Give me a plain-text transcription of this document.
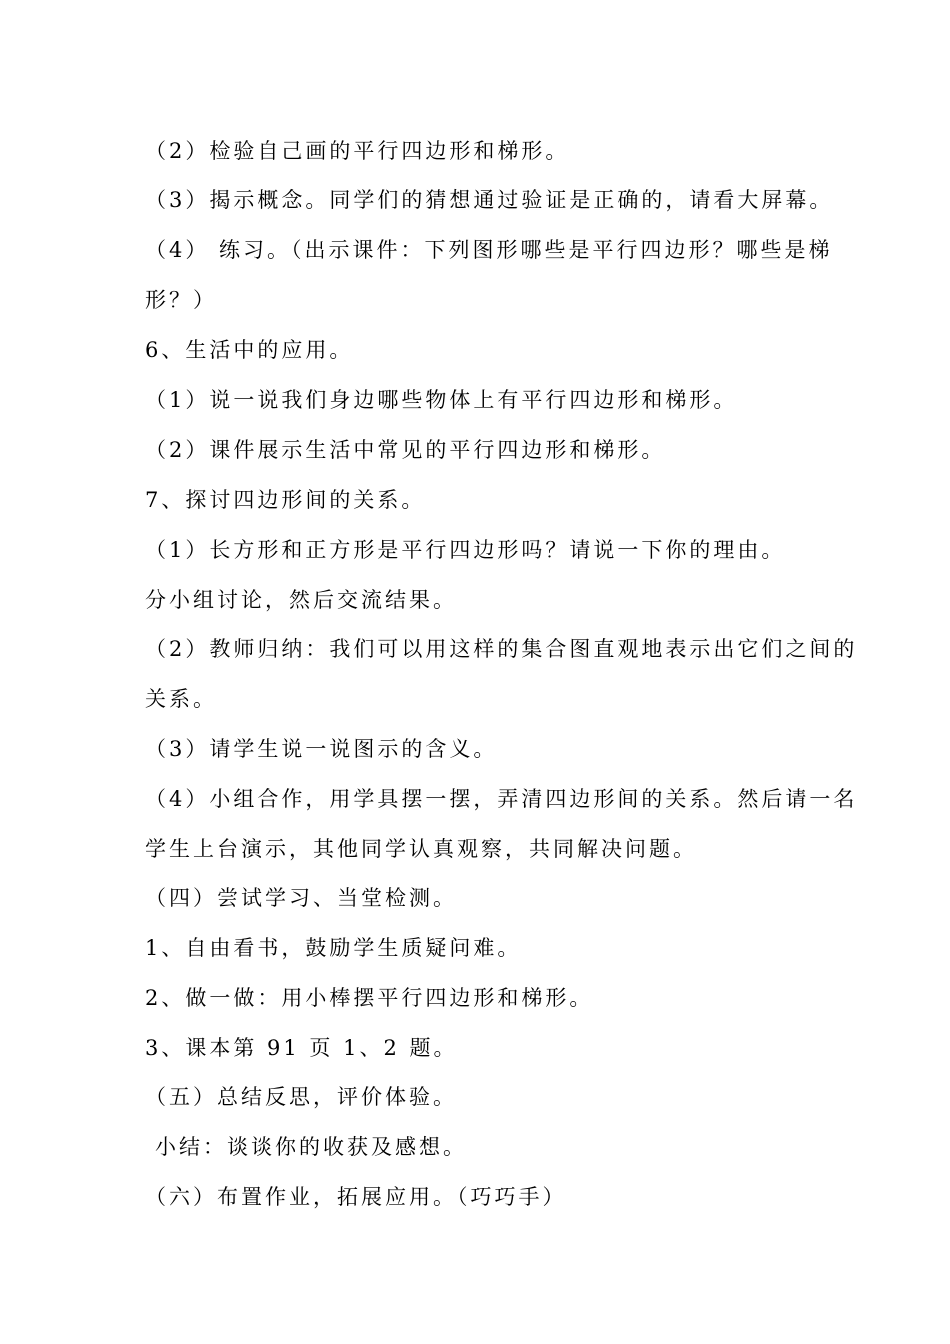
（2）检验自己画的平行四边形和梯形。
（3）揭示概念。同学们的猜想通过验证是正确的，请看大屏幕。
（4） 练习。（出示课件：下列图形哪些是平行四边形？哪些是梯
形？）
6、生活中的应用。
（1）说一说我们身边哪些物体上有平行四边形和梯形。
（2）课件展示生活中常见的平行四边形和梯形。
7、探讨四边形间的关系。
（1）长方形和正方形是平行四边形吗？请说一下你的理由。
分小组讨论，然后交流结果。
（2）教师归纳：我们可以用这样的集合图直观地表示出它们之间的
关系。
（3）请学生说一说图示的含义。
（4）小组合作，用学具摆一摆，弄清四边形间的关系。然后请一名
学生上台演示，其他同学认真观察，共同解决问题。
（四）尝试学习、当堂检测。
1、自由看书，鼓励学生质疑问难。
2、做一做：用小棒摆平行四边形和梯形。
3、课本第 91 页 1、2 题。
（五）总结反思，评价体验。
小结：谈谈你的收获及感想。
（六）布置作业，拓展应用。（巧巧手）
